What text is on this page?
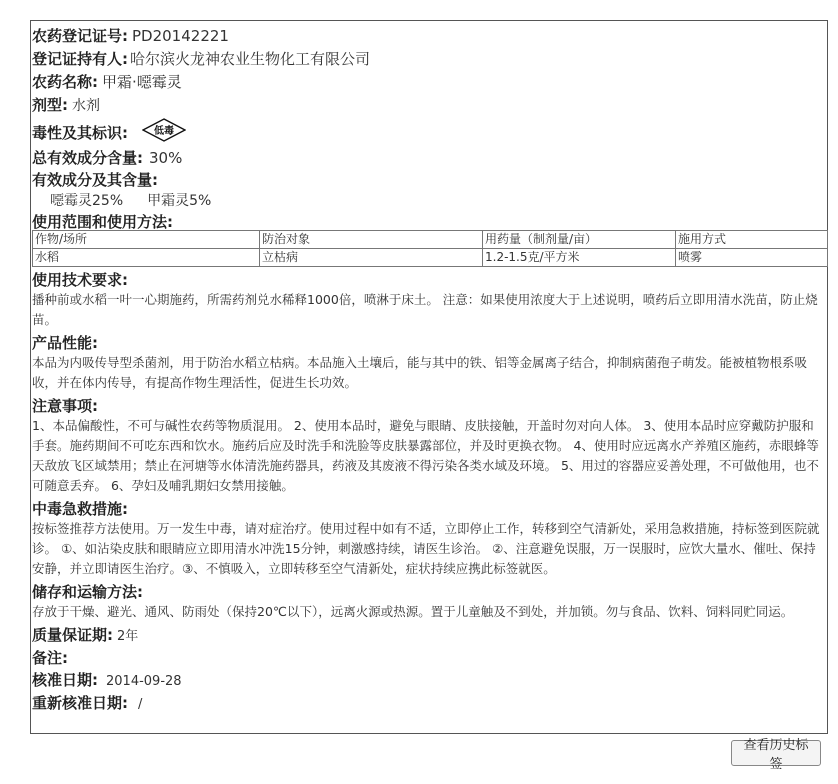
农药登记证号: PD20142221
登记证持有人: 哈尔滨火龙神农业生物化工有限公司
农药名称: 甲霜·噁霉灵
剂型: 水剂
毒性及其标识:	低毒
总有效成分含量: 30%
有效成分及其含量:
噁霉灵25% 甲霜灵5%
使用范围和使用方法:
作物/场所	防治对象	用药量（制剂量/亩）	施用方式
水稻	立枯病	1.2-1.5克/平方米	喷雾
使用技术要求:
播种前或水稻一叶一心期施药，所需药剂兑水稀释1000倍，喷淋于床土。 注意：如果使用浓度大于上述说明，喷药后立即用清水洗苗，防止烧苗。
产品性能:
本品为内吸传导型杀菌剂，用于防治水稻立枯病。本品施入土壤后，能与其中的铁、铝等金属离子结合，抑制病菌孢子萌发。能被植物根系吸收，并在体内传导，有提高作物生理活性，促进生长功效。
注意事项:
1、本品偏酸性，不可与碱性农药等物质混用。 2、使用本品时，避免与眼睛、皮肤接触，开盖时勿对向人体。 3、使用本品时应穿戴防护服和手套。施药期间不可吃东西和饮水。施药后应及时洗手和洗脸等皮肤暴露部位，并及时更换衣物。 4、使用时应远离水产养殖区施药，赤眼蜂等天敌放飞区域禁用；禁止在河塘等水体清洗施药器具，药液及其废液不得污染各类水域及环境。 5、用过的容器应妥善处理，不可做他用，也不可随意丢弃。 6、孕妇及哺乳期妇女禁用接触。
中毒急救措施:
按标签推荐方法使用。万一发生中毒，请对症治疗。使用过程中如有不适，立即停止工作，转移到空气清新处，采用急救措施，持标签到医院就诊。 ①、如沾染皮肤和眼睛应立即用清水冲洗15分钟，刺激感持续，请医生诊治。 ②、注意避免误服，万一误服时，应饮大量水、催吐、保持安静，并立即请医生治疗。③、不慎吸入，立即转移至空气清新处，症状持续应携此标签就医。
储存和运输方法:
存放于干燥、避光、通风、防雨处（保持20℃以下），远离火源或热源。置于儿童触及不到处，并加锁。勿与食品、饮料、饲料同贮同运。
质量保证期: 2年
备注:
核准日期: 2014-09-28
重新核准日期: /
查看历史标签
